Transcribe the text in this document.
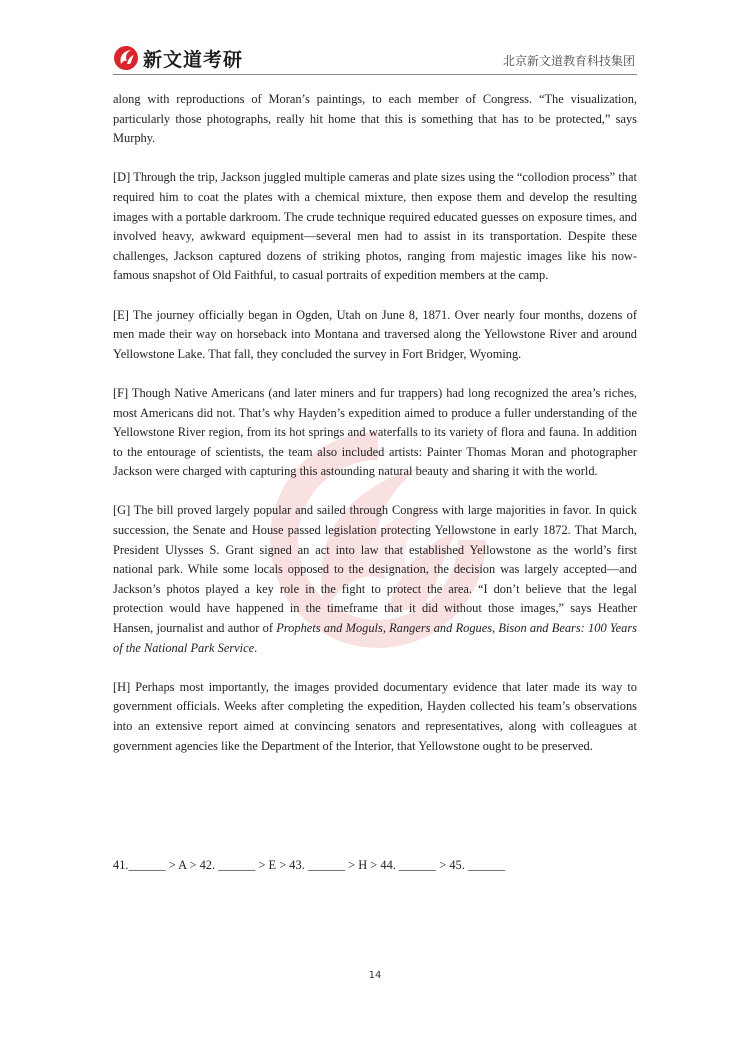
新文道考研	北京新文道教育科技集团

along with reproductions of Moran’s paintings, to each member of Congress. “The visualization, particularly those photographs, really hit home that this is something that has to be protected,” says Murphy.

[D] Through the trip, Jackson juggled multiple cameras and plate sizes using the “collodion process” that required him to coat the plates with a chemical mixture, then expose them and develop the resulting images with a portable darkroom. The crude technique required educated guesses on exposure times, and involved heavy, awkward equipment—several men had to assist in its transportation. Despite these challenges, Jackson captured dozens of striking photos, ranging from majestic images like his now-famous snapshot of Old Faithful, to casual portraits of expedition members at the camp.

[E] The journey officially began in Ogden, Utah on June 8, 1871. Over nearly four months, dozens of men made their way on horseback into Montana and traversed along the Yellowstone River and around Yellowstone Lake. That fall, they concluded the survey in Fort Bridger, Wyoming.

[F] Though Native Americans (and later miners and fur trappers) had long recognized the area’s riches, most Americans did not. That’s why Hayden’s expedition aimed to produce a fuller understanding of the Yellowstone River region, from its hot springs and waterfalls to its variety of flora and fauna. In addition to the entourage of scientists, the team also included artists: Painter Thomas Moran and photographer Jackson were charged with capturing this astounding natural beauty and sharing it with the world.

[G] The bill proved largely popular and sailed through Congress with large majorities in favor. In quick succession, the Senate and House passed legislation protecting Yellowstone in early 1872. That March, President Ulysses S. Grant signed an act into law that established Yellowstone as the world’s first national park. While some locals opposed to the designation, the decision was largely accepted—and Jackson’s photos played a key role in the fight to protect the area. “I don’t believe that the legal protection would have happened in the timeframe that it did without those images,” says Heather Hansen, journalist and author of Prophets and Moguls, Rangers and Rogues, Bison and Bears: 100 Years of the National Park Service.

[H] Perhaps most importantly, the images provided documentary evidence that later made its way to government officials. Weeks after completing the expedition, Hayden collected his team’s observations into an extensive report aimed at convincing senators and representatives, along with colleagues at government agencies like the Department of the Interior, that Yellowstone ought to be preserved.

41.______ > A > 42. ______ > E > 43. ______ > H > 44. ______ > 45. ______
14
